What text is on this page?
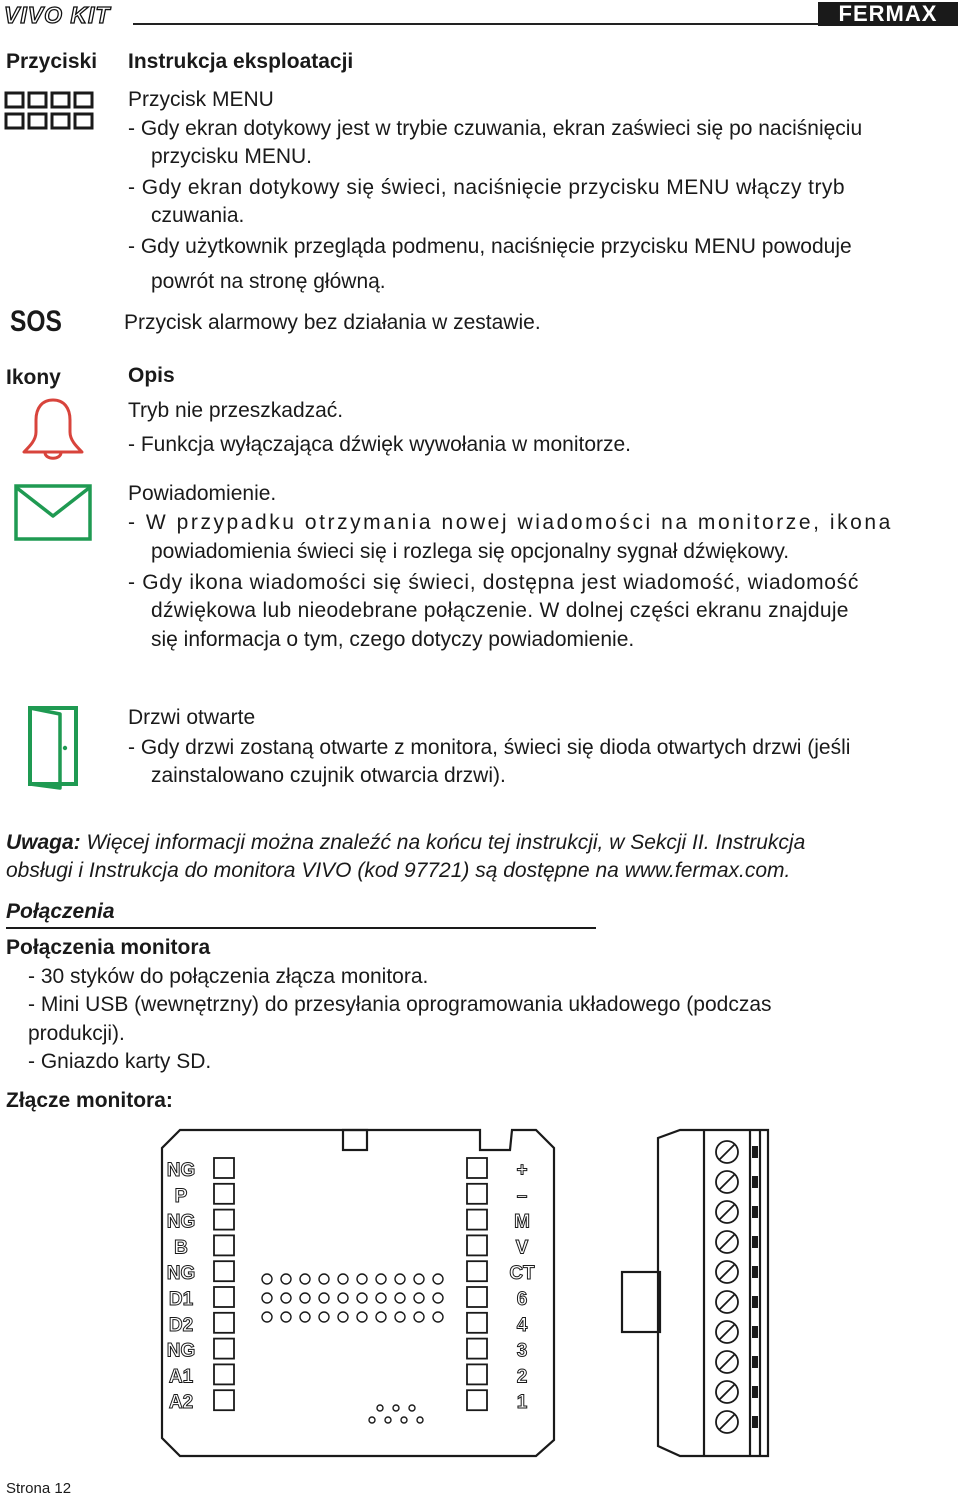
VIVO KIT	FERMAX
Przyciski Instrukcja eksploatacji
Przycisk MENU
- Gdy ekran dotykowy jest w trybie czuwania, ekran zaświeci się po naciśnięciu
przycisku MENU.
- Gdy ekran dotykowy się świeci, naciśnięcie przycisku MENU włączy tryb
czuwania.
- Gdy użytkownik przegląda podmenu, naciśnięcie przycisku MENU powoduje
powrót na stronę główną.
SOS	Przycisk alarmowy bez działania w zestawie.
Ikony	Opis
Tryb nie przeszkadzać.
- Funkcja wyłączająca dźwięk wywołania w monitorze.
Powiadomienie.
- W przypadku otrzymania nowej wiadomości na monitorze, ikona
powiadomienia świeci się i rozlega się opcjonalny sygnał dźwiękowy.
- Gdy ikona wiadomości się świeci, dostępna jest wiadomość, wiadomość
dźwiękowa lub nieodebrane połączenie. W dolnej części ekranu znajduje
się informacja o tym, czego dotyczy powiadomienie.
Drzwi otwarte
- Gdy drzwi zostaną otwarte z monitora, świeci się dioda otwartych drzwi (jeśli
zainstalowano czujnik otwarcia drzwi).
Uwaga: Więcej informacji można znaleźć na końcu tej instrukcji, w Sekcji II. Instrukcja
obsługi i Instrukcja do monitora VIVO (kod 97721) są dostępne na www.fermax.com.
Połączenia
Połączenia monitora
- 30 styków do połączenia złącza monitora.
- Mini USB (wewnętrzny) do przesyłania oprogramowania układowego (podczas
produkcji).
- Gniazdo karty SD.
Złącze monitora:
NG
P
NG
B
NG
D1
D2
NG
A1
A2
+
–
M
V
CT
6
4
3
2
1
Strona 12
